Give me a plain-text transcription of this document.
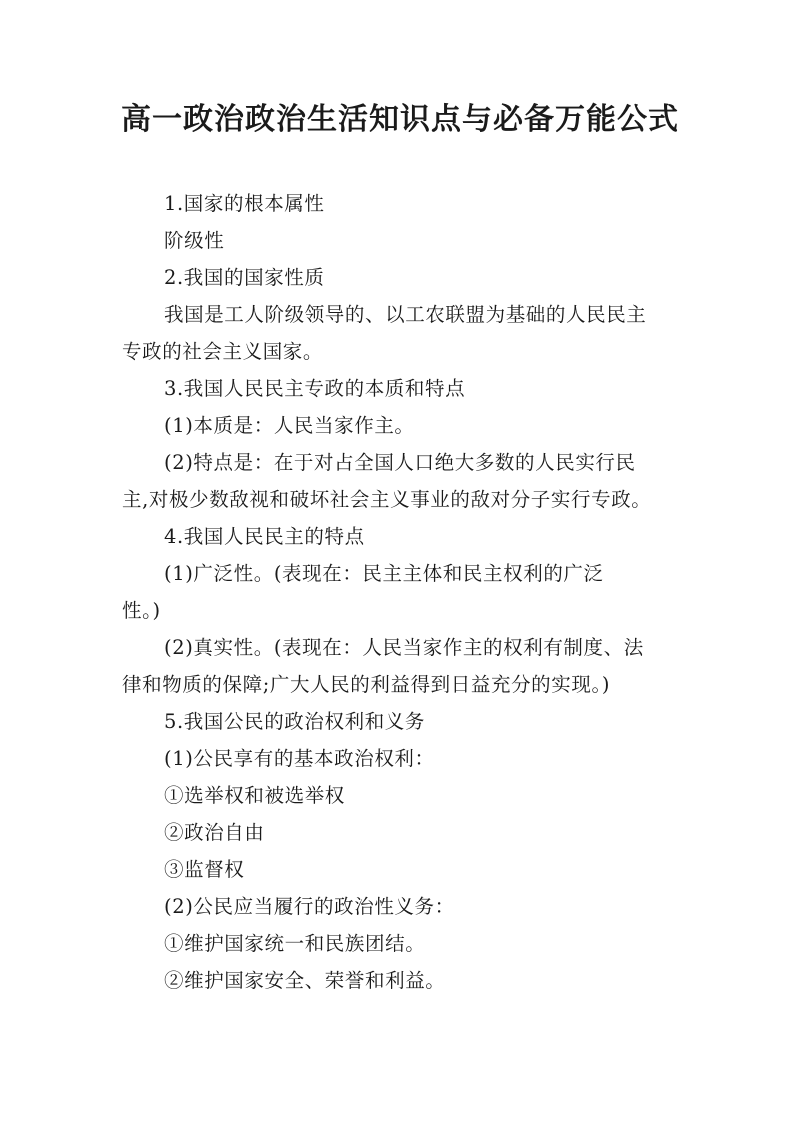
高一政治政治生活知识点与必备万能公式

1.国家的根本属性

阶级性

2.我国的国家性质

我国是工人阶级领导的、以工农联盟为基础的人民民主
专政的社会主义国家。

3.我国人民民主专政的本质和特点

(1)本质是：人民当家作主。

(2)特点是：在于对占全国人口绝大多数的人民实行民
主,对极少数敌视和破坏社会主义事业的敌对分子实行专政。

4.我国人民民主的特点

(1)广泛性。(表现在：民主主体和民主权利的广泛
性。)

(2)真实性。(表现在：人民当家作主的权利有制度、法
律和物质的保障;广大人民的利益得到日益充分的实现。)

5.我国公民的政治权利和义务

(1)公民享有的基本政治权利：

①选举权和被选举权

②政治自由

③监督权

(2)公民应当履行的政治性义务：

①维护国家统一和民族团结。

②维护国家安全、荣誉和利益。
